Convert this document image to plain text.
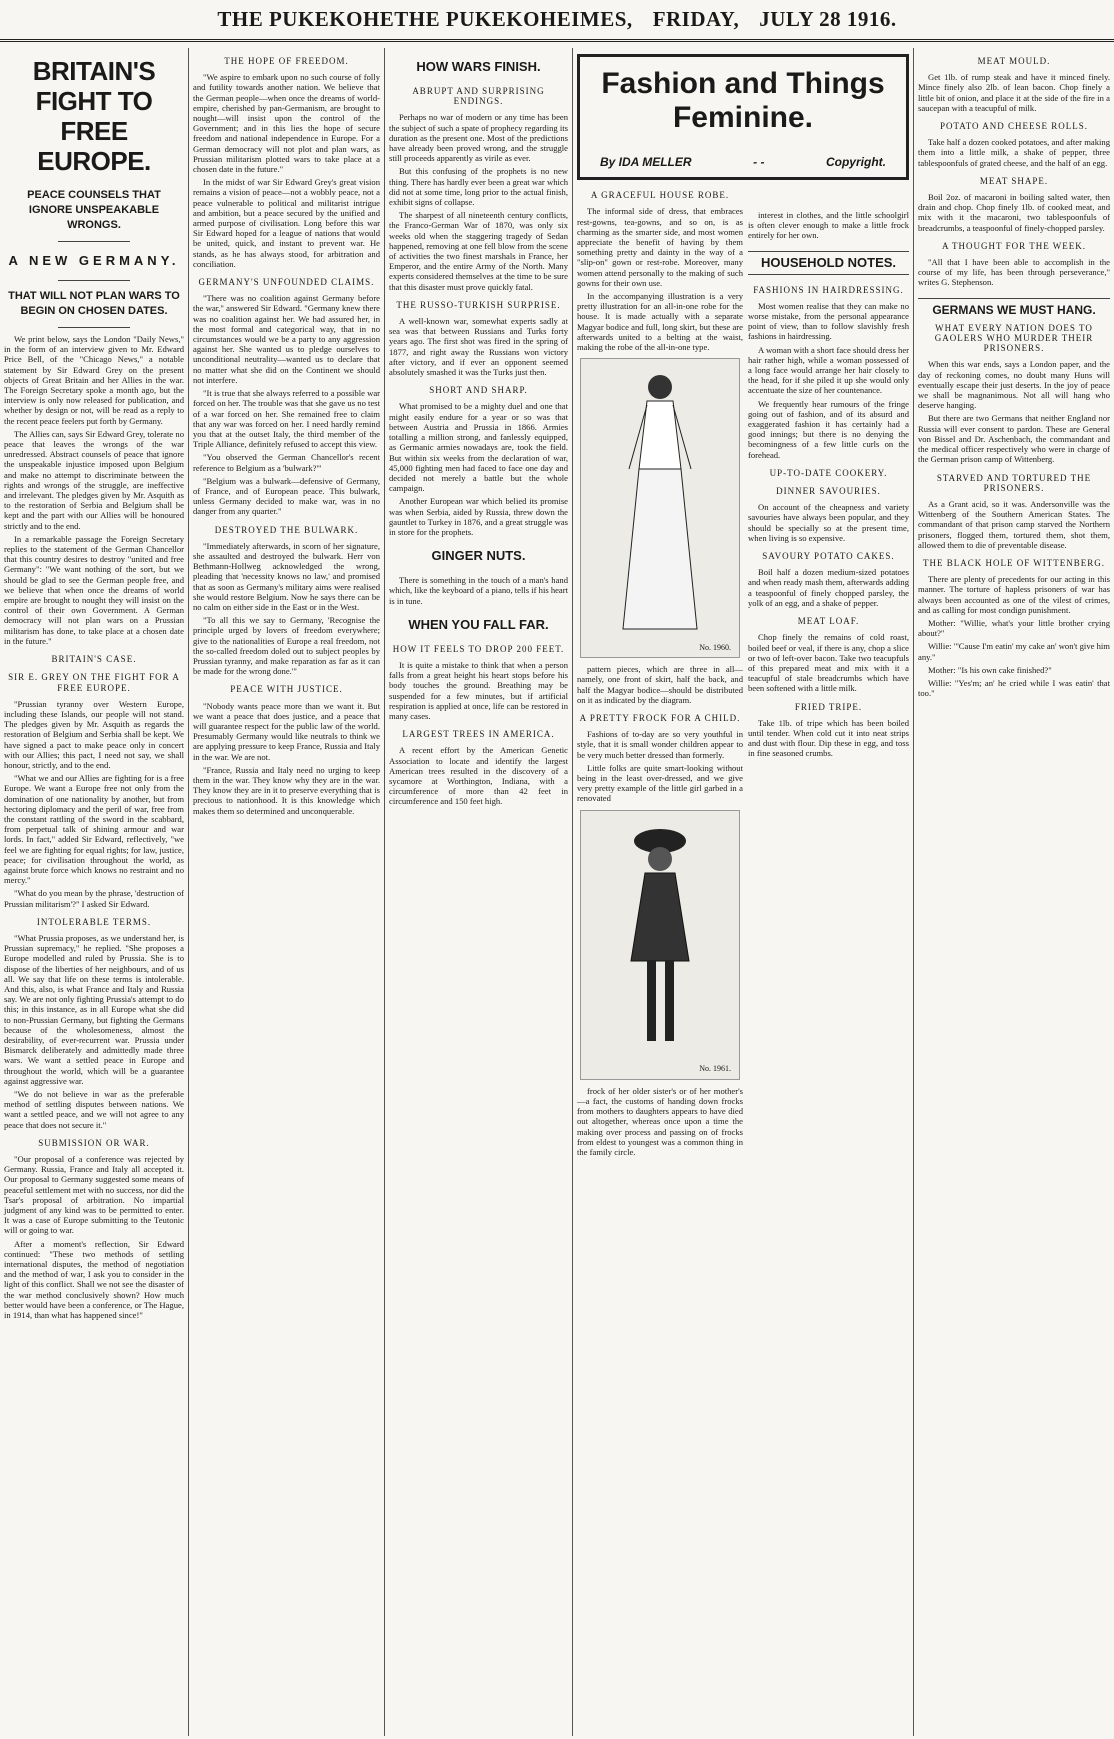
THE PUKEKOHETHE PUKEKOHEIMES, FRIDAY, JULY 28 1916.
BRITAIN'S FIGHT TO FREE EUROPE.
PEACE COUNSELS THAT IGNORE UNSPEAKABLE WRONGS.
A NEW GERMANY.
THAT WILL NOT PLAN WARS TO BEGIN ON CHOSEN DATES.

We print below, says the London "Daily News," in the form of an interview given to Mr. Edward Price Bell, of the "Chicago News," a notable statement by Sir Edward Grey on the present objects of Great Britain and her Allies in the war. The Foreign Secretary spoke a month ago, but the interview is only now released for publication, and whether by design or not, will be read as a reply to the recent peace feelers put forth by Germany.

The Allies can, says Sir Edward Grey, tolerate no peace that leaves the wrongs of the war unredressed. Abstract counsels of peace that ignore the unspeakable injustice imposed upon Belgium and make no attempt to discriminate between the rights and wrongs of the struggle, are ineffective and irrelevant. The pledges given by Mr. Asquith as to the restoration of Serbia and Belgium shall be kept and the part with our Allies will be honoured strictly and to the end.

In a remarkable passage the Foreign Secretary replies to the statement of the German Chancellor that this country desires to destroy "united and free Germany": "We want nothing of the sort, but we should be glad to see the German people free, and we believe that when once the dreams of world empire are brought to nought they will insist on the control of their own Government. A German democracy will not plan wars on a Prussian militarism has done, to take place at a chosen date in the future."

BRITAIN'S CASE.
SIR E. GREY ON THE FIGHT FOR A FREE EUROPE.

"Prussian tyranny over Western Europe, including these Islands, our people will not stand. The pledges given by Mr. Asquith as regards the restoration of Belgium and Serbia shall be kept. We have signed a pact to make peace only in concert with our Allies; this pact, I need not say, we shall honour, strictly, and to the end.

"What we and our Allies are fighting for is a free Europe. We want a Europe free not only from the domination of one nationality by another, but from hectoring diplomacy and the peril of war, free from the constant rattling of the sword in the scabbard, from perpetual talk of shining armour and war lords. In fact," added Sir Edward, reflectively, "we feel we are fighting for equal rights; for law, justice, peace; for civilisation throughout the world, as against brute force which knows no restraint and no mercy."

"What do you mean by the phrase, 'destruction of Prussian militarism'?" I asked Sir Edward.

INTOLERABLE TERMS.

"What Prussia proposes, as we understand her, is Prussian supremacy," he replied. "She proposes a Europe modelled and ruled by Prussia. She is to dispose of the liberties of her neighbours, and of us all. We say that life on these terms is intolerable. And this, also, is what France and Italy and Russia say. We are not only fighting Prussia's attempt to do this; in this instance, as in all Europe what she did to non-Prussian Germany, but fighting the Germans because of the wholesomeness, almost the desirability, of ever-recurrent war. Prussia under Bismarck deliberately and admittedly made three wars. We want a settled peace in Europe and throughout the world, which will be a guarantee against aggressive war.

"We do not believe in war as the preferable method of settling disputes between nations. We want a settled peace, and we will not agree to any peace that does not secure it."

SUBMISSION OR WAR.

"Our proposal of a conference was rejected by Germany. Russia, France and Italy all accepted it. Our proposal to Germany suggested some means of peaceful settlement met with no success, nor did the Tsar's proposal of arbitration. No impartial judgment of any kind was to be permitted to enter. It was a case of Europe submitting to the Teutonic will or going to war.

After a moment's reflection, Sir Edward continued: "These two methods of settling international disputes, the method of negotiation and the method of war, I ask you to consider in the light of this conflict. Shall we not see the disaster of the war method conclusively shown? How much better would have been a conference, or The Hague, in 1914, than what has happened since!"

THE HOPE OF FREEDOM.

"We aspire to embark upon no such course of folly and futility towards another nation. We believe that the German people—when once the dreams of world-empire, cherished by pan-Germanism, are brought to nought—will insist upon the control of the Government; and in this lies the hope of secure freedom and national independence in Europe. For a German democracy will not plot and plan wars, as Prussian militarism plotted wars to take place at a chosen date in the future."

In the midst of war Sir Edward Grey's great vision remains a vision of peace—not a wobbly peace, not a peace vulnerable to political and militarist intrigue and ambition, but a peace secured by the unified and armed purpose of civilisation. Long before this war Sir Edward hoped for a league of nations that would be united, quick, and instant to prevent war. He stands, as he has always stood, for arbitration and conciliation.

GERMANY'S UNFOUNDED CLAIMS.

"There was no coalition against Germany before the war," answered Sir Edward. "Germany knew there was no coalition against her. We had assured her, in the most formal and categorical way, that in no circumstances would we be a party to any aggression against her. She wanted us to pledge ourselves to unconditional neutrality—wanted us to declare that no matter what she did on the Continent we should not interfere.

"It is true that she always referred to a possible war forced on her. The trouble was that she gave us no test of a war forced on her. She remained free to claim that any war was forced on her. I need hardly remind you that at the outset Italy, the third member of the Triple Alliance, definitely refused to accept this view.

"You observed the German Chancellor's recent reference to Belgium as a 'bulwark?'"

"Belgium was a bulwark—defensive of Germany, of France, and of European peace. This bulwark, unless Germany decided to make war, was in no danger from any quarter."

DESTROYED THE BULWARK.

"Immediately afterwards, in scorn of her signature, she assaulted and destroyed the bulwark. Herr von Bethmann-Hollweg acknowledged the wrong, pleading that 'necessity knows no law,' and promised that as soon as Germany's military aims were realised she would restore Belgium. Now he says there can be no calm on either side in the East or in the West.

"To all this we say to Germany, 'Recognise the principle urged by lovers of freedom everywhere; give to the nationalities of Europe a real freedom, not the so-called freedom doled out to subject peoples by Prussian tyranny, and make reparation as far as it can be made for the wrong done.'"

PEACE WITH JUSTICE.

"Nobody wants peace more than we want it. But we want a peace that does justice, and a peace that will guarantee respect for the public law of the world. Presumably Germany would like neutrals to think we are applying pressure to keep France, Russia and Italy in the war. We are not.

"France, Russia and Italy need no urging to keep them in the war. They know why they are in the war. They know they are in it to preserve everything that is precious to nationhood. It is this knowledge which makes them so determined and unconquerable.

HOW WARS FINISH.
ABRUPT AND SURPRISING ENDINGS.

Perhaps no war of modern or any time has been the subject of such a spate of prophecy regarding its duration as the present one. Most of the predictions have already been proved wrong, and the struggle still proceeds apparently as virile as ever.

But this confusing of the prophets is no new thing. There has hardly ever been a great war which did not at some time, long prior to the actual finish, exhibit signs of collapse.

The sharpest of all nineteenth century conflicts, the Franco-German War of 1870, was only six weeks old when the staggering tragedy of Sedan happened, removing at one fell blow from the scene of activities the two finest marshals in France, her Emperor, and the entire Army of the North. Many experts considered themselves at the time to be sure that this disaster must prove quickly fatal.

THE RUSSO-TURKISH SURPRISE.

A well-known war, somewhat experts sadly at sea was that between Russians and Turks forty years ago. The first shot was fired in the spring of 1877, and right away the Russians won victory after victory, and if ever an opponent seemed absolutely smashed it was the Turks just then.

SHORT AND SHARP.

What promised to be a mighty duel and one that might easily endure for a year or so was that between Austria and Prussia in 1866. Armies totalling a million strong, and fanlessly equipped, as Germanic armies nowadays are, took the field. But within six weeks from the declaration of war, 45,000 fighting men had faced to face one day and decided not merely a battle but the whole campaign.

Another European war which belied its promise was when Serbia, aided by Russia, threw down the gauntlet to Turkey in 1876, and a great struggle was in store for the prophets.

GINGER NUTS.

There is something in the touch of a man's hand which, like the keyboard of a piano, tells if his heart is in tune.

WHEN YOU FALL FAR.
HOW IT FEELS TO DROP 200 FEET.

It is quite a mistake to think that when a person falls from a great height his heart stops before his body touches the ground. Breathing may be suspended for a few minutes, but if artificial respiration is applied at once, life can be restored in many cases.

LARGEST TREES IN AMERICA.

A recent effort by the American Genetic Association to locate and identify the largest American trees resulted in the discovery of a sycamore at Worthington, Indiana, with a circumference of more than 42 feet in circumference and 150 feet high.

Fashion and Things Feminine.
By IDA MELLER	- -	Copyright.
A GRACEFUL HOUSE ROBE.

The informal side of dress, that embraces rest-gowns, tea-gowns, and so on, is as charming as the smarter side, and most women appreciate the benefit of having by them something pretty and dainty in the way of a "slip-on" gown or rest-robe. Moreover, many women attend personally to the making of such gowns for their own use.

In the accompanying illustration is a very pretty illustration for an all-in-one robe for the house. It is made actually with a separate Magyar bodice and full, long skirt, but these are afterwards united to a belting at the waist, making the robe of the all-in-one type.

No. 1960.

pattern pieces, which are three in all—namely, one front of skirt, half the back, and half the Magyar bodice—should be distributed on it as indicated by the diagram.

A PRETTY FROCK FOR A CHILD.

Fashions of to-day are so very youthful in style, that it is small wonder children appear to be very much better dressed than formerly.

Little folks are quite smart-looking without being in the least over-dressed, and we give very pretty example of the little girl garbed in a renovated

No. 1961.

frock of her older sister's or of her mother's—a fact, the customs of handing down frocks from mothers to daughters appears to have died out altogether, whereas once upon a time the making over process and passing on of frocks from eldest to youngest was a common thing in the family circle.

interest in clothes, and the little schoolgirl is often clever enough to make a little frock entirely for her own.

HOUSEHOLD NOTES.
FASHIONS IN HAIRDRESSING.

Most women realise that they can make no worse mistake, from the personal appearance point of view, than to follow slavishly fresh fashions in hairdressing.

A woman with a short face should dress her hair rather high, while a woman possessed of a long face would arrange her hair closely to the head, for if she piled it up she would only accentuate the size of her countenance.

We frequently hear rumours of the fringe going out of fashion, and of its absurd and exaggerated fashion it has certainly had a good innings; but there is no denying the becomingness of a few little curls on the forehead.

UP-TO-DATE COOKERY.
DINNER SAVOURIES.

On account of the cheapness and variety savouries have always been popular, and they should be specially so at the present time, when living is so expensive.

SAVOURY POTATO CAKES.

Boil half a dozen medium-sized potatoes and when ready mash them, afterwards adding a teaspoonful of finely chopped parsley, the yolk of an egg, and a shake of pepper.

MEAT LOAF.

Chop finely the remains of cold roast, boiled beef or veal, if there is any, chop a slice or two of left-over bacon. Take two teacupfuls of this prepared meat and mix with it a teacupful of stale breadcrumbs which have been softened with a little milk.

FRIED TRIPE.

Take 1lb. of tripe which has been boiled until tender. When cold cut it into neat strips and dust with flour. Dip these in egg, and toss in fine seasoned crumbs.

MEAT MOULD.

Get 1lb. of rump steak and have it minced finely. Mince finely also 2lb. of lean bacon. Chop finely a little bit of onion, and place it at the side of the fire in a saucepan with a teacupful of milk.

POTATO AND CHEESE ROLLS.

Take half a dozen cooked potatoes, and after making them into a little milk, a shake of pepper, three tablespoonfuls of grated cheese, and the half of an egg.

MEAT SHAPE.

Boil 2oz. of macaroni in boiling salted water, then drain and chop. Chop finely 1lb. of cooked meat, and mix with it the macaroni, two tablespoonfuls of breadcrumbs, a teaspoonful of finely-chopped parsley.

A THOUGHT FOR THE WEEK.

"All that I have been able to accomplish in the course of my life, has been through perseverance," writes G. Stephenson.

GERMANS WE MUST HANG.
WHAT EVERY NATION DOES TO GAOLERS WHO MURDER THEIR PRISONERS.

When this war ends, says a London paper, and the day of reckoning comes, no doubt many Huns will eventually escape their just deserts. In the joy of peace we shall be magnanimous. Not all will hang who deserve hanging.

But there are two Germans that neither England nor Russia will ever consent to pardon. These are General von Bissel and Dr. Aschenbach, the commandant and the medical officer respectively who were in charge of the German prison camp of Wittenberg.

STARVED AND TORTURED THE PRISONERS.

As a Grant acid, so it was. Andersonville was the Wittenberg of the Southern American States. The commandant of that prison camp starved the Northern prisoners, flogged them, tortured them, shot them, allowed them to die of preventable disease.

THE BLACK HOLE OF WITTENBERG.

There are plenty of precedents for our acting in this manner. The torture of hapless prisoners of war has always been accounted as one of the vilest of crimes, and as calling for most condign punishment.

Mother: "Willie, what's your little brother crying about?"

Willie: "'Cause I'm eatin' my cake an' won't give him any."

Mother: "Is his own cake finished?"

Willie: "Yes'm; an' he cried while I was eatin' that too."
